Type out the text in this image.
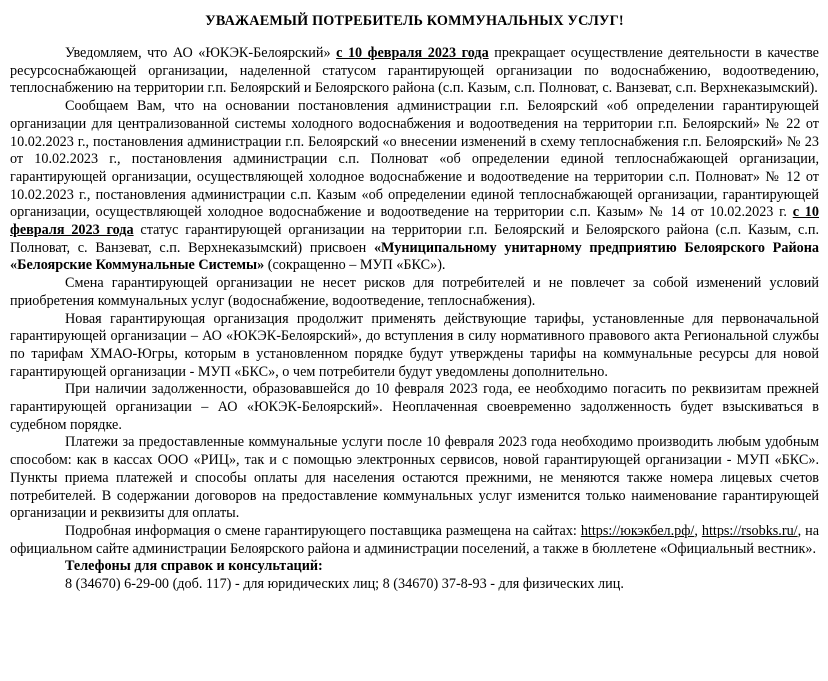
УВАЖАЕМЫЙ ПОТРЕБИТЕЛЬ КОММУНАЛЬНЫХ УСЛУГ!

Уведомляем, что АО «ЮКЭК-Белоярский» с 10 февраля 2023 года прекращает осуществление деятельности в качестве ресурсоснабжающей организации, наделенной статусом гарантирующей организации по водоснабжению, водоотведению, теплоснабжению на территории г.п. Белоярский и Белоярского района (с.п. Казым, с.п. Полноват, с. Ванзеват, с.п. Верхнеказымский).

Сообщаем Вам, что на основании постановления администрации г.п. Белоярский «об определении гарантирующей организации для централизованной системы холодного водоснабжения и водоотведения на территории г.п. Белоярский» № 22 от 10.02.2023 г., постановления администрации г.п. Белоярский «о внесении изменений в схему теплоснабжения г.п. Белоярский» № 23 от 10.02.2023 г., постановления администрации с.п. Полноват «об определении единой теплоснабжающей организации, гарантирующей организации, осуществляющей холодное водоснабжение и водоотведение на территории с.п. Полноват» № 12 от 10.02.2023 г., постановления администрации с.п. Казым «об определении единой теплоснабжающей организации, гарантирующей организации, осуществляющей холодное водоснабжение и водоотведение на территории с.п. Казым» № 14 от 10.02.2023 г. с 10 февраля 2023 года статус гарантирующей организации на территории г.п. Белоярский и Белоярского района (с.п. Казым, с.п. Полноват, с. Ванзеват, с.п. Верхнеказымский) присвоен «Муниципальному унитарному предприятию Белоярского Района «Белоярские Коммунальные Системы» (сокращенно – МУП «БКС»).

Смена гарантирующей организации не несет рисков для потребителей и не повлечет за собой изменений условий приобретения коммунальных услуг (водоснабжение, водоотведение, теплоснабжения).

Новая гарантирующая организация продолжит применять действующие тарифы, установленные для первоначальной гарантирующей организации – АО «ЮКЭК-Белоярский», до вступления в силу нормативного правового акта Региональной службы по тарифам ХМАО-Югры, которым в установленном порядке будут утверждены тарифы на коммунальные ресурсы для новой гарантирующей организации - МУП «БКС», о чем потребители будут уведомлены дополнительно.

При наличии задолженности, образовавшейся до 10 февраля 2023 года, ее необходимо погасить по реквизитам прежней гарантирующей организации – АО «ЮКЭК-Белоярский». Неоплаченная своевременно задолженность будет взыскиваться в судебном порядке.

Платежи за предоставленные коммунальные услуги после 10 февраля 2023 года необходимо производить любым удобным способом: как в кассах ООО «РИЦ», так и с помощью электронных сервисов, новой гарантирующей организации - МУП «БКС». Пункты приема платежей и способы оплаты для населения остаются прежними, не меняются также номера лицевых счетов потребителей. В содержании договоров на предоставление коммунальных услуг изменится только наименование гарантирующей организации и реквизиты для оплаты.

Подробная информация о смене гарантирующего поставщика размещена на сайтах: https://юкэкбел.рф/, https://rsobks.ru/, на официальном сайте администрации Белоярского района и администрации поселений, а также в бюллетене «Официальный вестник».

Телефоны для справок и консультаций:

8 (34670) 6-29-00 (доб. 117) - для юридических лиц; 8 (34670) 37-8-93 - для физических лиц.
